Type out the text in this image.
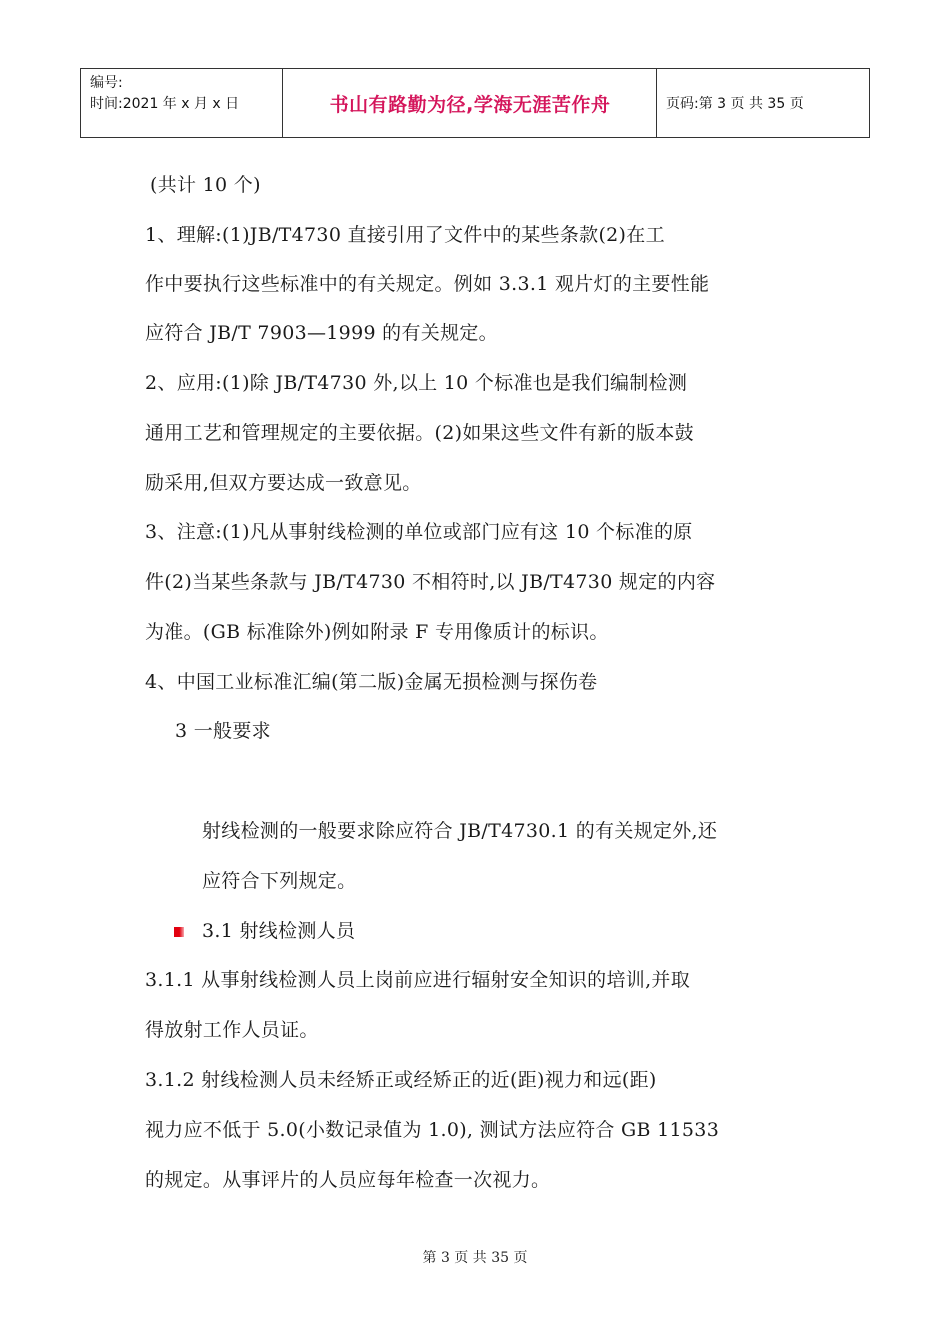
编号:
时间:2021 年 x 月 x 日	书山有路勤为径,学海无涯苦作舟	页码:第 3 页 共 35 页
(共计 10 个)
1、理解:(1)JB/T4730 直接引用了文件中的某些条款(2)在工
作中要执行这些标准中的有关规定。例如 3.3.1 观片灯的主要性能
应符合 JB/T 7903—1999 的有关规定。
2、应用:(1)除 JB/T4730 外,以上 10 个标准也是我们编制检测
通用工艺和管理规定的主要依据。(2)如果这些文件有新的版本鼓
励采用,但双方要达成一致意见。
3、注意:(1)凡从事射线检测的单位或部门应有这 10 个标准的原
件(2)当某些条款与 JB/T4730 不相符时,以 JB/T4730 规定的内容
为准。(GB 标准除外)例如附录 F 专用像质计的标识。
4、中国工业标准汇编(第二版)金属无损检测与探伤卷
3 一般要求
射线检测的一般要求除应符合 JB/T4730.1 的有关规定外,还
应符合下列规定。
3.1 射线检测人员
3.1.1 从事射线检测人员上岗前应进行辐射安全知识的培训,并取
得放射工作人员证。
3.1.2 射线检测人员未经矫正或经矫正的近(距)视力和远(距)
视力应不低于 5.0(小数记录值为 1.0), 测试方法应符合 GB 11533
的规定。从事评片的人员应每年检查一次视力。
第 3 页 共 35 页
